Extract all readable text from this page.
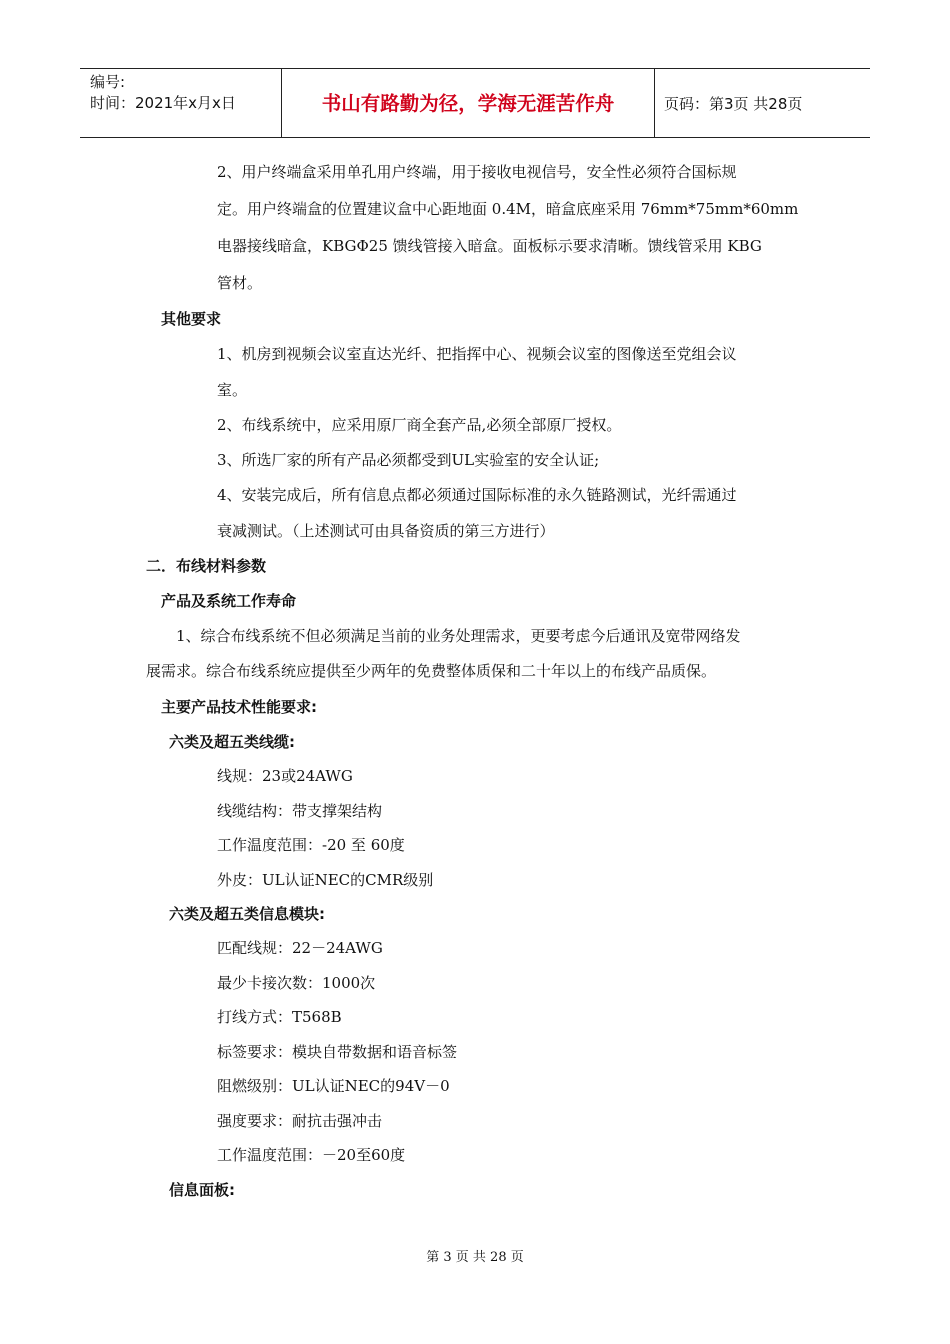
编号:
时间：2021年x月x日	书山有路勤为径，学海无涯苦作舟	页码：第3页 共28页
2、用户终端盒采用单孔用户终端，用于接收电视信号，安全性必须符合国标规
定。用户终端盒的位置建议盒中心距地面 0.4M，暗盒底座采用 76mm*75mm*60mm
电器接线暗盒，KBGΦ25 馈线管接入暗盒。面板标示要求清晰。馈线管采用 KBG
管材。
其他要求
1、机房到视频会议室直达光纤、把指挥中心、视频会议室的图像送至党组会议
室。
2、布线系统中，应采用原厂商全套产品,必须全部原厂授权。
3、所选厂家的所有产品必须都受到UL实验室的安全认证;
4、安装完成后，所有信息点都必须通过国际标准的永久链路测试，光纤需通过
衰减测试。（上述测试可由具备资质的第三方进行）
二．布线材料参数
产品及系统工作寿命
1、综合布线系统不但必须满足当前的业务处理需求，更要考虑今后通讯及宽带网络发
展需求。综合布线系统应提供至少两年的免费整体质保和二十年以上的布线产品质保。
主要产品技术性能要求:
六类及超五类线缆:
线规：23或24AWG
线缆结构：带支撑架结构
工作温度范围：-20 至 60度
外皮：UL认证NEC的CMR级别
六类及超五类信息模块:
匹配线规：22－24AWG
最少卡接次数：1000次
打线方式：T568B
标签要求：模块自带数据和语音标签
阻燃级别：UL认证NEC的94V－0
强度要求：耐抗击强冲击
工作温度范围：－20至60度
信息面板:
第 3 页 共 28 页
